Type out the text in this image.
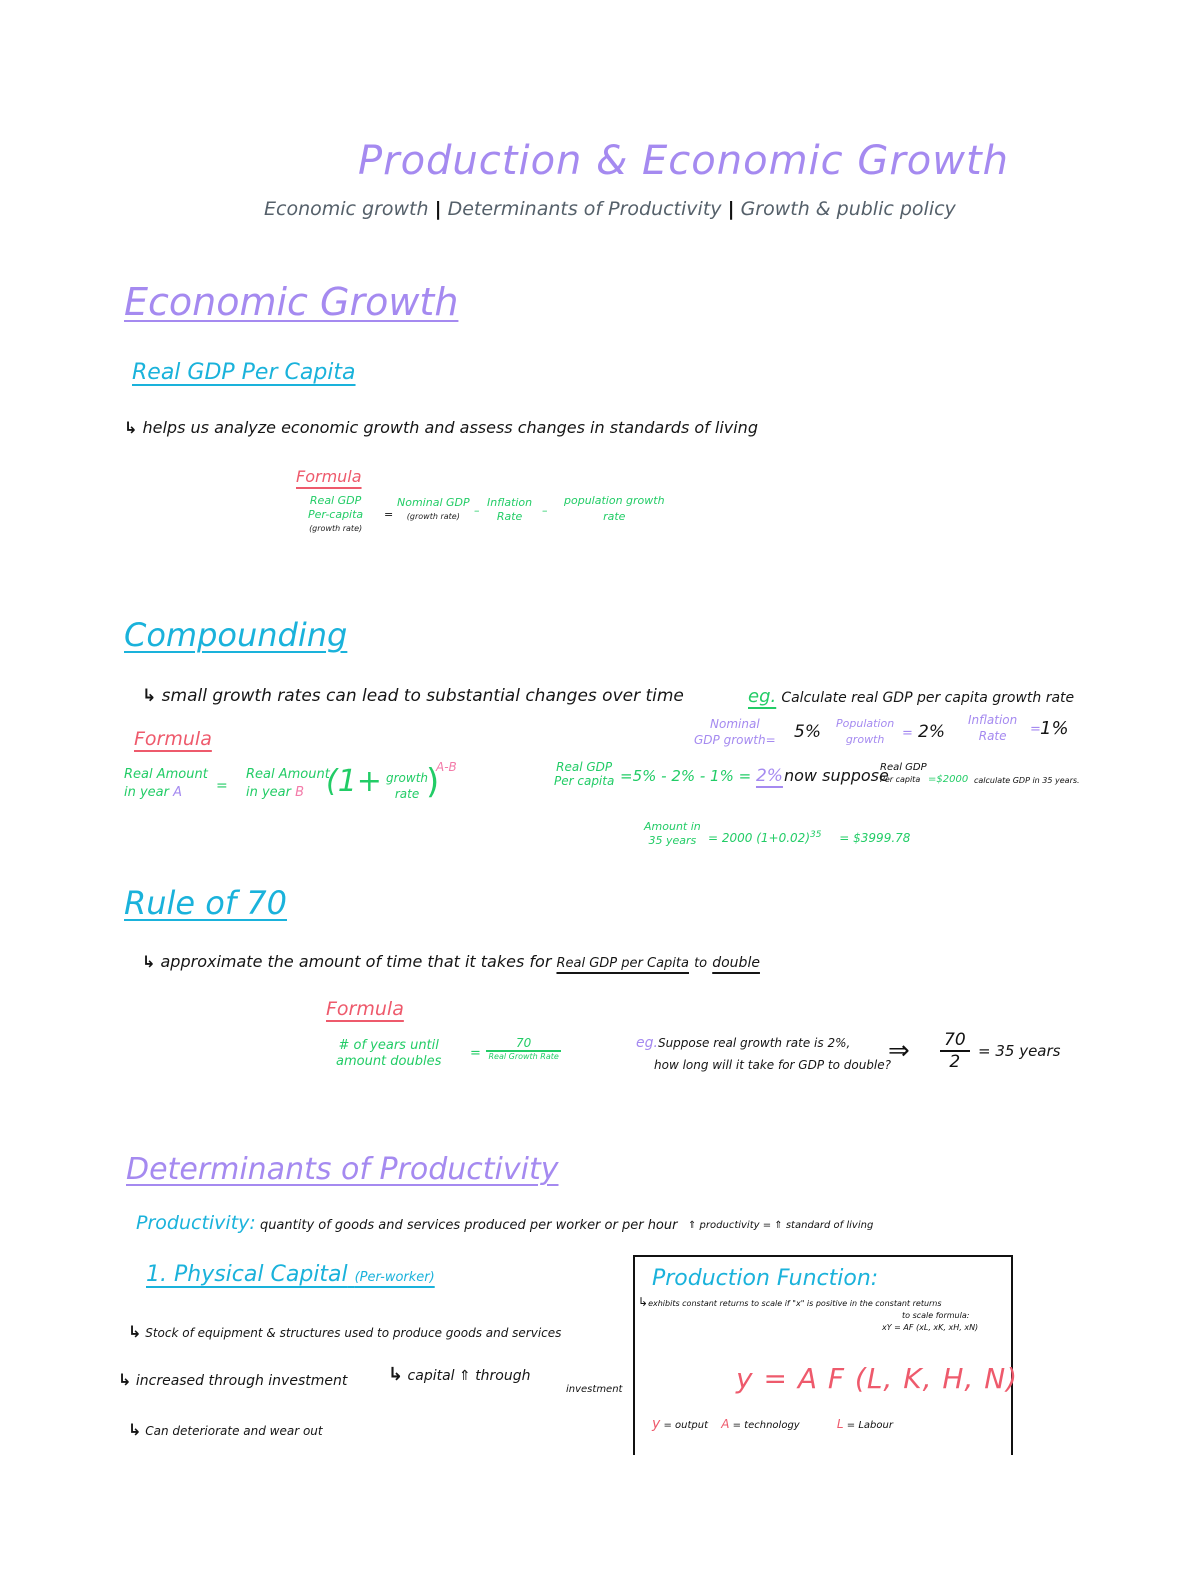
Production & Economic Growth
Economic growth | Determinants of Productivity | Growth & public policy
Economic Growth
Real GDP Per Capita
↳ helps us analyze economic growth and assess changes in standards of living
Formula
Real GDP
Per-capita
(growth rate)
=
Nominal GDP
(growth rate)	–
Inflation
Rate	–
population growth
rate
Compounding
↳ small growth rates can lead to substantial changes over time
Formula
Real Amount
in year A	=
Real Amount
in year B (1+ growth
rate )
A-B
eg. Calculate real GDP per capita growth rate
Nominal
GDP growth= 5% Population
growth	= 2%
Inflation
Rate	= 1%
Real GDP
Per capita =5% - 2% - 1% = 2% now suppose
Real GDP
Per capita =$2000 calculate GDP in 35 years.
Amount in
35 years = 2000 $(1+0.02)^{35}$ = $3999.78
Rule of 70
↳ approximate the amount of time that it takes for Real GDP per Capita to double
Formula
# of years until
amount doubles
= $\frac{70}{\text{Real Growth Rate}}$	eg.Suppose real growth rate is 2%,
how long will it take for GDP to double?
⇒ $\frac{70}{2} = 35$ years
Determinants of Productivity
Productivity: quantity of goods and services produced per worker or per hour ⇑ productivity = ⇑ standard of living
1. Physical Capital (Per-worker)
↳ Stock of equipment & structures used to produce goods and services
↳ increased through investment ↳ capital ⇑ through
investment
↳ Can deteriorate and wear out
Production Function:
↳exhibits constant returns to scale if "x" is positive in the constant returns
to scale formula:
xY = AF (xL, xK, xH, xN)
y = A F (L, K, H, N)
y = output A = technology	L = Labour
